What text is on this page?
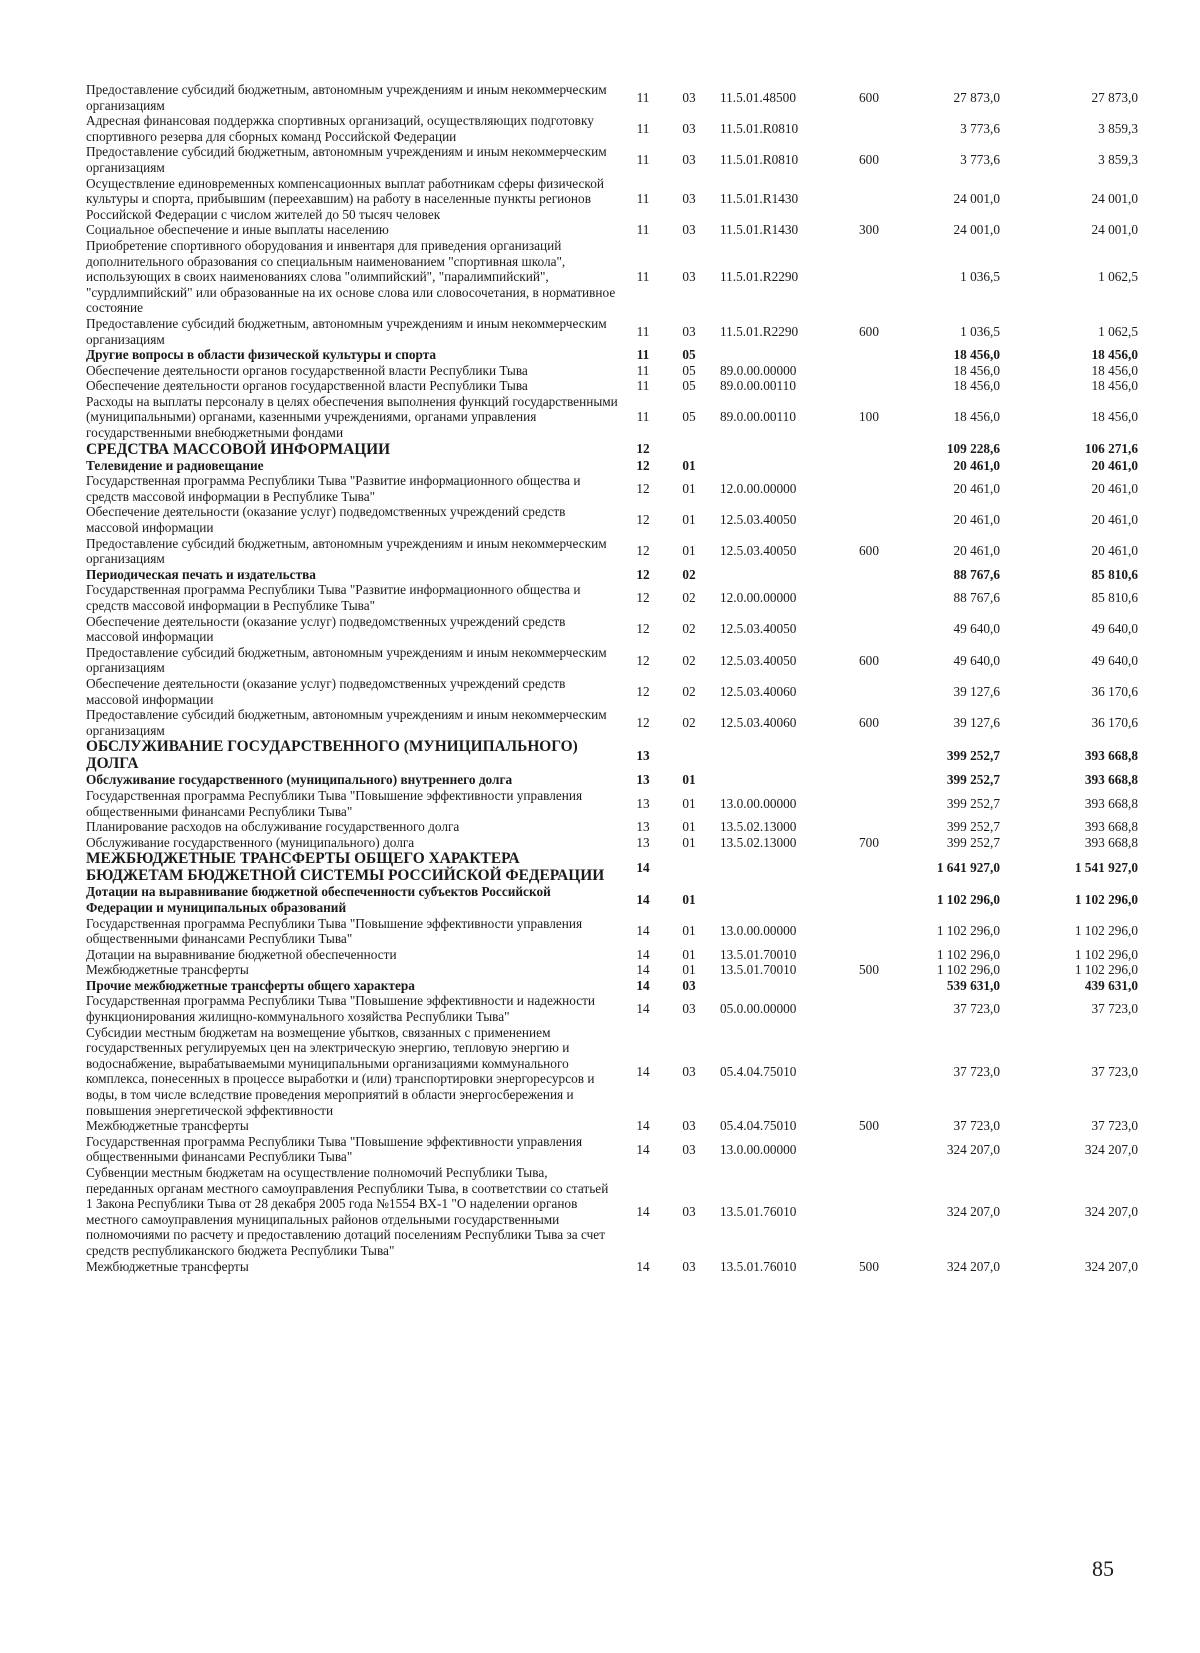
Предоставление субсидий бюджетным, автономным учреждениям и иным некоммерческим организациям	11	03	11.5.01.48500	600	27 873,0	27 873,0
Адресная финансовая поддержка спортивных организаций, осуществляющих подготовку спортивного резерва для сборных команд Российской Федерации	11	03	11.5.01.R0810		3 773,6	3 859,3
Предоставление субсидий бюджетным, автономным учреждениям и иным некоммерческим организациям	11	03	11.5.01.R0810	600	3 773,6	3 859,3
Осуществление единовременных компенсационных выплат работникам сферы физической культуры и спорта, прибывшим (переехавшим) на работу в населенные пункты регионов Российской Федерации с числом жителей до 50 тысяч человек	11	03	11.5.01.R1430		24 001,0	24 001,0
Социальное обеспечение и иные выплаты населению	11	03	11.5.01.R1430	300	24 001,0	24 001,0
Приобретение спортивного оборудования и инвентаря для приведения организаций дополнительного образования со специальным наименованием "спортивная школа", использующих в своих наименованиях слова "олимпийский", "паралимпийский", "сурдлимпийский" или образованные на их основе слова или словосочетания, в нормативное состояние	11	03	11.5.01.R2290		1 036,5	1 062,5
Предоставление субсидий бюджетным, автономным учреждениям и иным некоммерческим организациям	11	03	11.5.01.R2290	600	1 036,5	1 062,5
Другие вопросы в области физической культуры и спорта	11	05			18 456,0	18 456,0
Обеспечение деятельности органов государственной власти Республики Тыва	11	05	89.0.00.00000		18 456,0	18 456,0
Обеспечение деятельности органов государственной власти Республики Тыва	11	05	89.0.00.00110		18 456,0	18 456,0
Расходы на выплаты персоналу в целях обеспечения выполнения функций государственными (муниципальными) органами, казенными учреждениями, органами управления государственными внебюджетными фондами	11	05	89.0.00.00110	100	18 456,0	18 456,0
СРЕДСТВА МАССОВОЙ ИНФОРМАЦИИ	12				109 228,6	106 271,6
Телевидение и радиовещание	12	01			20 461,0	20 461,0
Государственная программа Республики Тыва "Развитие информационного общества и средств массовой информации в Республике Тыва"	12	01	12.0.00.00000		20 461,0	20 461,0
Обеспечение деятельности (оказание услуг) подведомственных учреждений средств массовой информации	12	01	12.5.03.40050		20 461,0	20 461,0
Предоставление субсидий бюджетным, автономным учреждениям и иным некоммерческим организациям	12	01	12.5.03.40050	600	20 461,0	20 461,0
Периодическая печать и издательства	12	02			88 767,6	85 810,6
Государственная программа Республики Тыва "Развитие информационного общества и средств массовой информации в Республике Тыва"	12	02	12.0.00.00000		88 767,6	85 810,6
Обеспечение деятельности (оказание услуг) подведомственных учреждений средств массовой информации	12	02	12.5.03.40050		49 640,0	49 640,0
Предоставление субсидий бюджетным, автономным учреждениям и иным некоммерческим организациям	12	02	12.5.03.40050	600	49 640,0	49 640,0
Обеспечение деятельности (оказание услуг) подведомственных учреждений средств массовой информации	12	02	12.5.03.40060		39 127,6	36 170,6
Предоставление субсидий бюджетным, автономным учреждениям и иным некоммерческим организациям	12	02	12.5.03.40060	600	39 127,6	36 170,6
ОБСЛУЖИВАНИЕ ГОСУДАРСТВЕННОГО (МУНИЦИПАЛЬНОГО) ДОЛГА	13				399 252,7	393 668,8
Обслуживание государственного (муниципального) внутреннего долга	13	01			399 252,7	393 668,8
Государственная программа Республики Тыва "Повышение эффективности управления общественными финансами Республики Тыва"	13	01	13.0.00.00000		399 252,7	393 668,8
Планирование расходов на обслуживание государственного долга	13	01	13.5.02.13000		399 252,7	393 668,8
Обслуживание государственного (муниципального) долга	13	01	13.5.02.13000	700	399 252,7	393 668,8
МЕЖБЮДЖЕТНЫЕ ТРАНСФЕРТЫ ОБЩЕГО ХАРАКТЕРА БЮДЖЕТАМ БЮДЖЕТНОЙ СИСТЕМЫ РОССИЙСКОЙ ФЕДЕРАЦИИ	14				1 641 927,0	1 541 927,0
Дотации на выравнивание бюджетной обеспеченности субъектов Российской Федерации и муниципальных образований	14	01			1 102 296,0	1 102 296,0
Государственная программа Республики Тыва "Повышение эффективности управления общественными финансами Республики Тыва"	14	01	13.0.00.00000		1 102 296,0	1 102 296,0
Дотации на выравнивание бюджетной обеспеченности	14	01	13.5.01.70010		1 102 296,0	1 102 296,0
Межбюджетные трансферты	14	01	13.5.01.70010	500	1 102 296,0	1 102 296,0
Прочие межбюджетные трансферты общего характера	14	03			539 631,0	439 631,0
Государственная программа Республики Тыва "Повышение эффективности и надежности функционирования жилищно-коммунального хозяйства Республики Тыва"	14	03	05.0.00.00000		37 723,0	37 723,0
Субсидии местным бюджетам на возмещение убытков, связанных с применением государственных регулируемых цен на электрическую энергию, тепловую энергию и водоснабжение, вырабатываемыми муниципальными организациями коммунального комплекса, понесенных в процессе выработки и (или) транспортировки энергоресурсов и воды, в том числе вследствие проведения мероприятий в области энергосбережения и повышения энергетической эффективности	14	03	05.4.04.75010		37 723,0	37 723,0
Межбюджетные трансферты	14	03	05.4.04.75010	500	37 723,0	37 723,0
Государственная программа Республики Тыва "Повышение эффективности управления общественными финансами Республики Тыва"	14	03	13.0.00.00000		324 207,0	324 207,0
Субвенции местным бюджетам на осуществление полномочий Республики Тыва, переданных органам местного самоуправления Республики Тыва, в соответствии со статьей 1 Закона Республики Тыва от 28 декабря 2005 года №1554 ВХ-1 "О наделении органов местного самоуправления муниципальных районов отдельными государственными полномочиями по расчету и предоставлению дотаций поселениям Республики Тыва за счет средств республиканского бюджета Республики Тыва"	14	03	13.5.01.76010		324 207,0	324 207,0
Межбюджетные трансферты	14	03	13.5.01.76010	500	324 207,0	324 207,0
85
